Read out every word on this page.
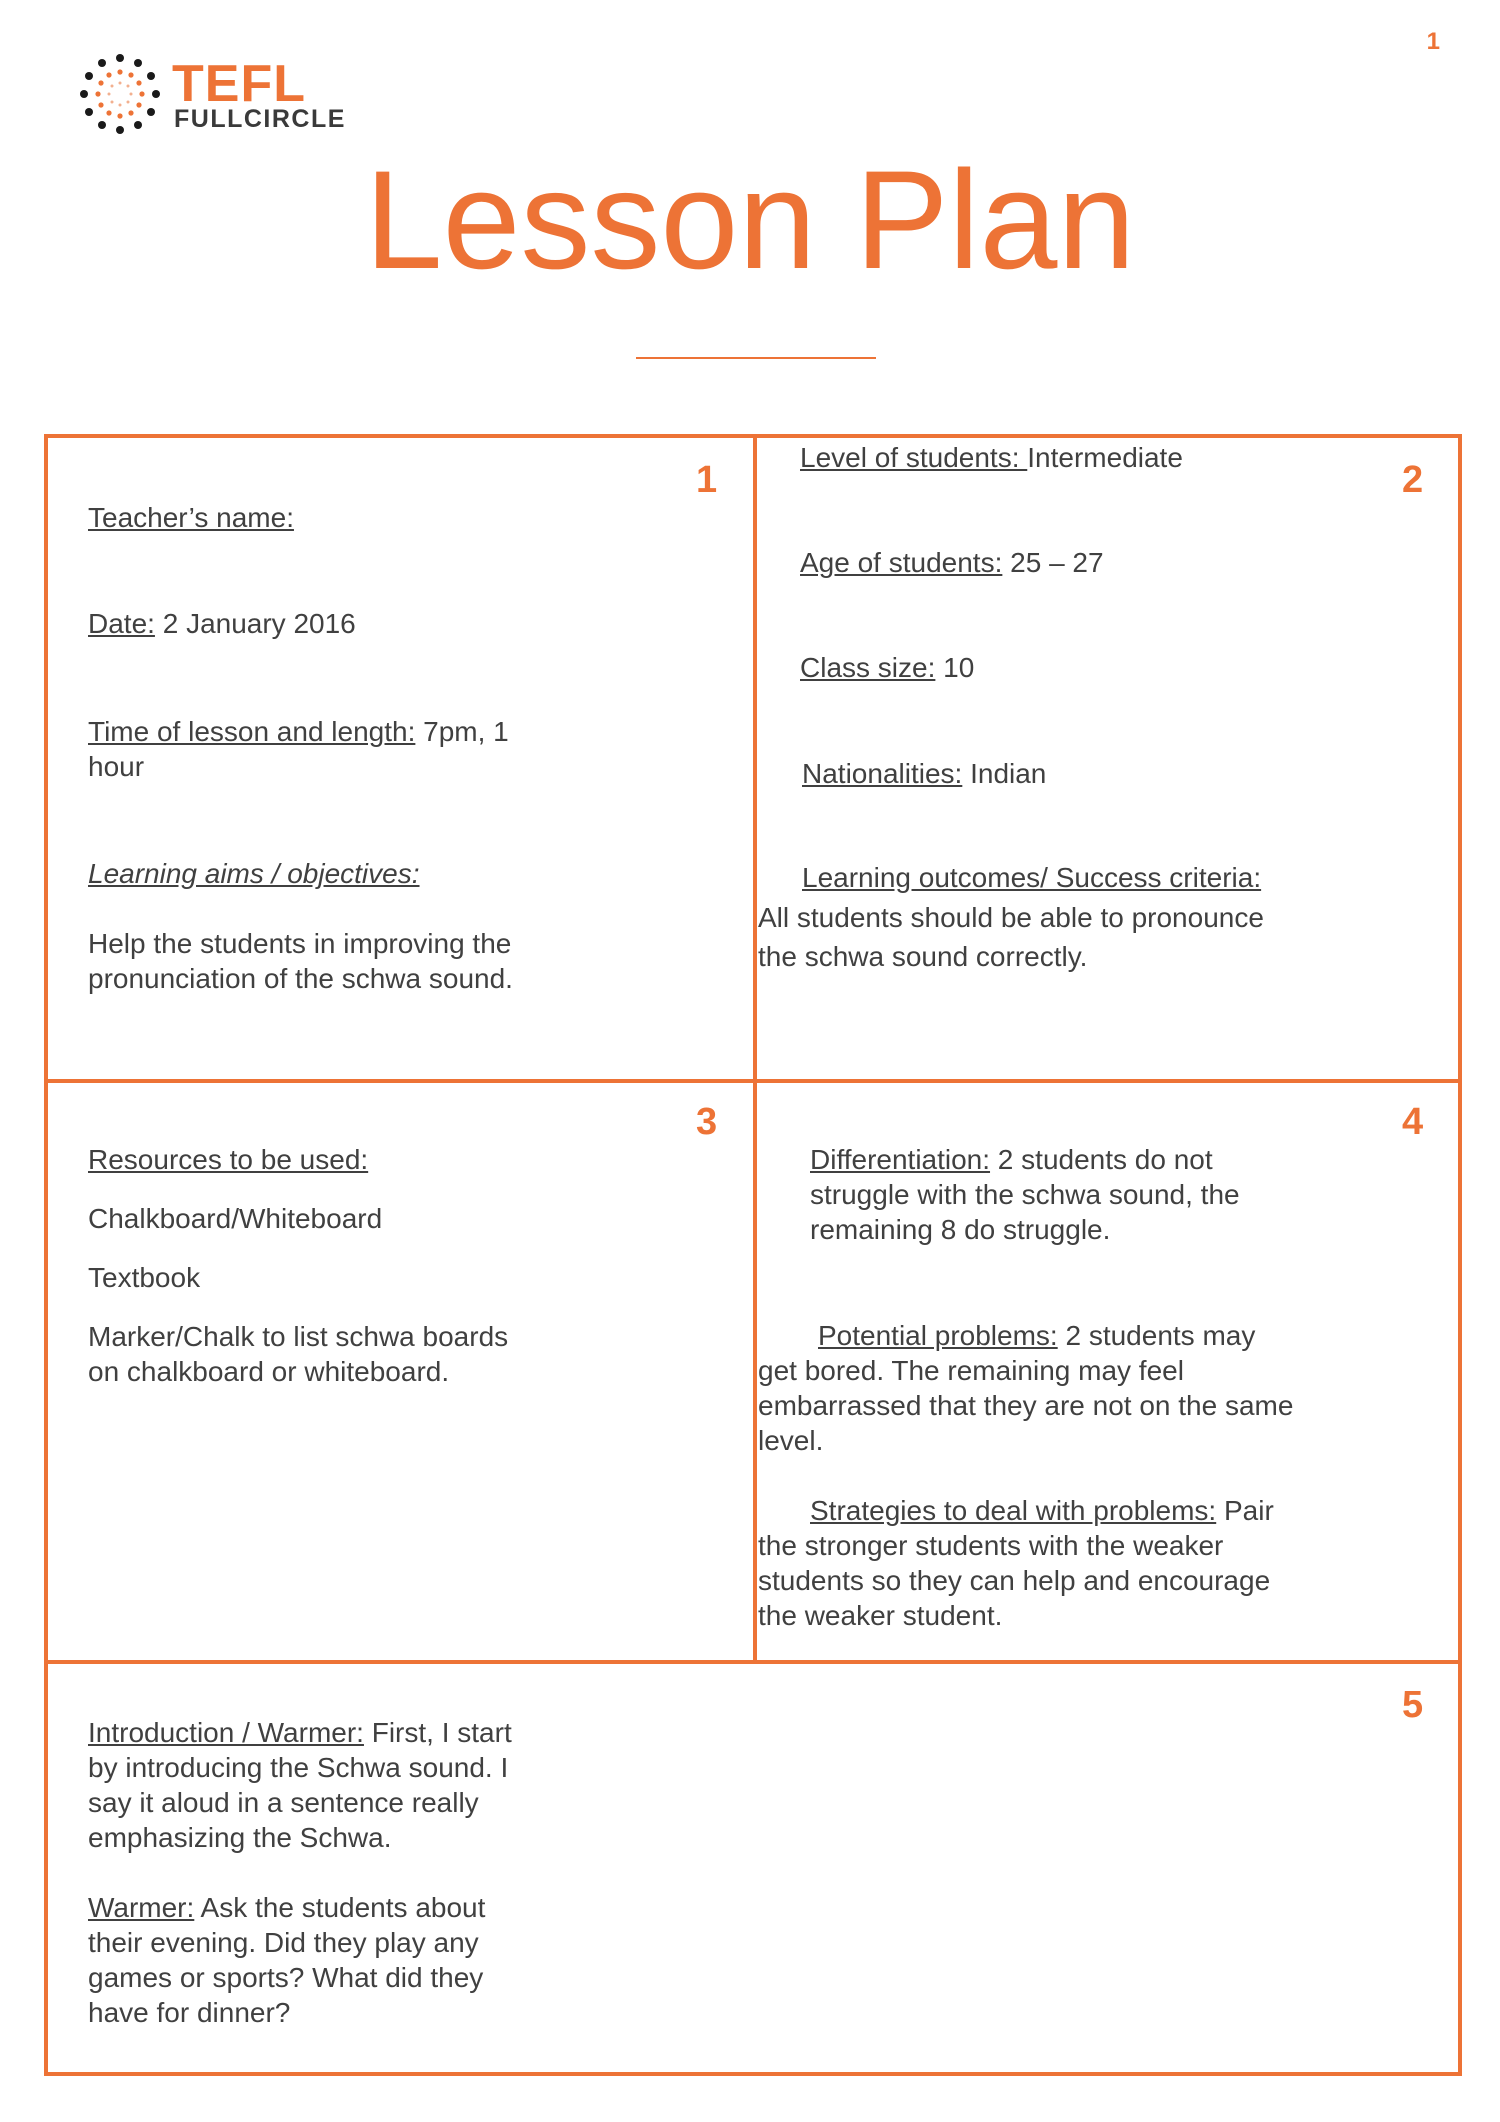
1
TEFL
FULLCIRCLE
Lesson Plan
1

Teacher’s name:

Date: 2 January 2016

Time of lesson and length: 7pm, 1

hour

Learning aims / objectives:

Help the students in improving the

pronunciation of the schwa sound.

2

Level of students: Intermediate

Age of students: 25 – 27

Class size: 10

Nationalities: Indian

Learning outcomes/ Success criteria:

All students should be able to pronounce

the schwa sound correctly.

3

Resources to be used:

Chalkboard/Whiteboard

Textbook

Marker/Chalk to list schwa boards

on chalkboard or whiteboard.

4

Differentiation: 2 students do not

struggle with the schwa sound, the

remaining 8 do struggle.

Potential problems: 2 students may

get bored. The remaining may feel

embarrassed that they are not on the same

level.

Strategies to deal with problems: Pair

the stronger students with the weaker

students so they can help and encourage

the weaker student.

5

Introduction / Warmer: First, I start

by introducing the Schwa sound. I

say it aloud in a sentence really

emphasizing the Schwa.

Warmer: Ask the students about

their evening. Did they play any

games or sports? What did they

have for dinner?
